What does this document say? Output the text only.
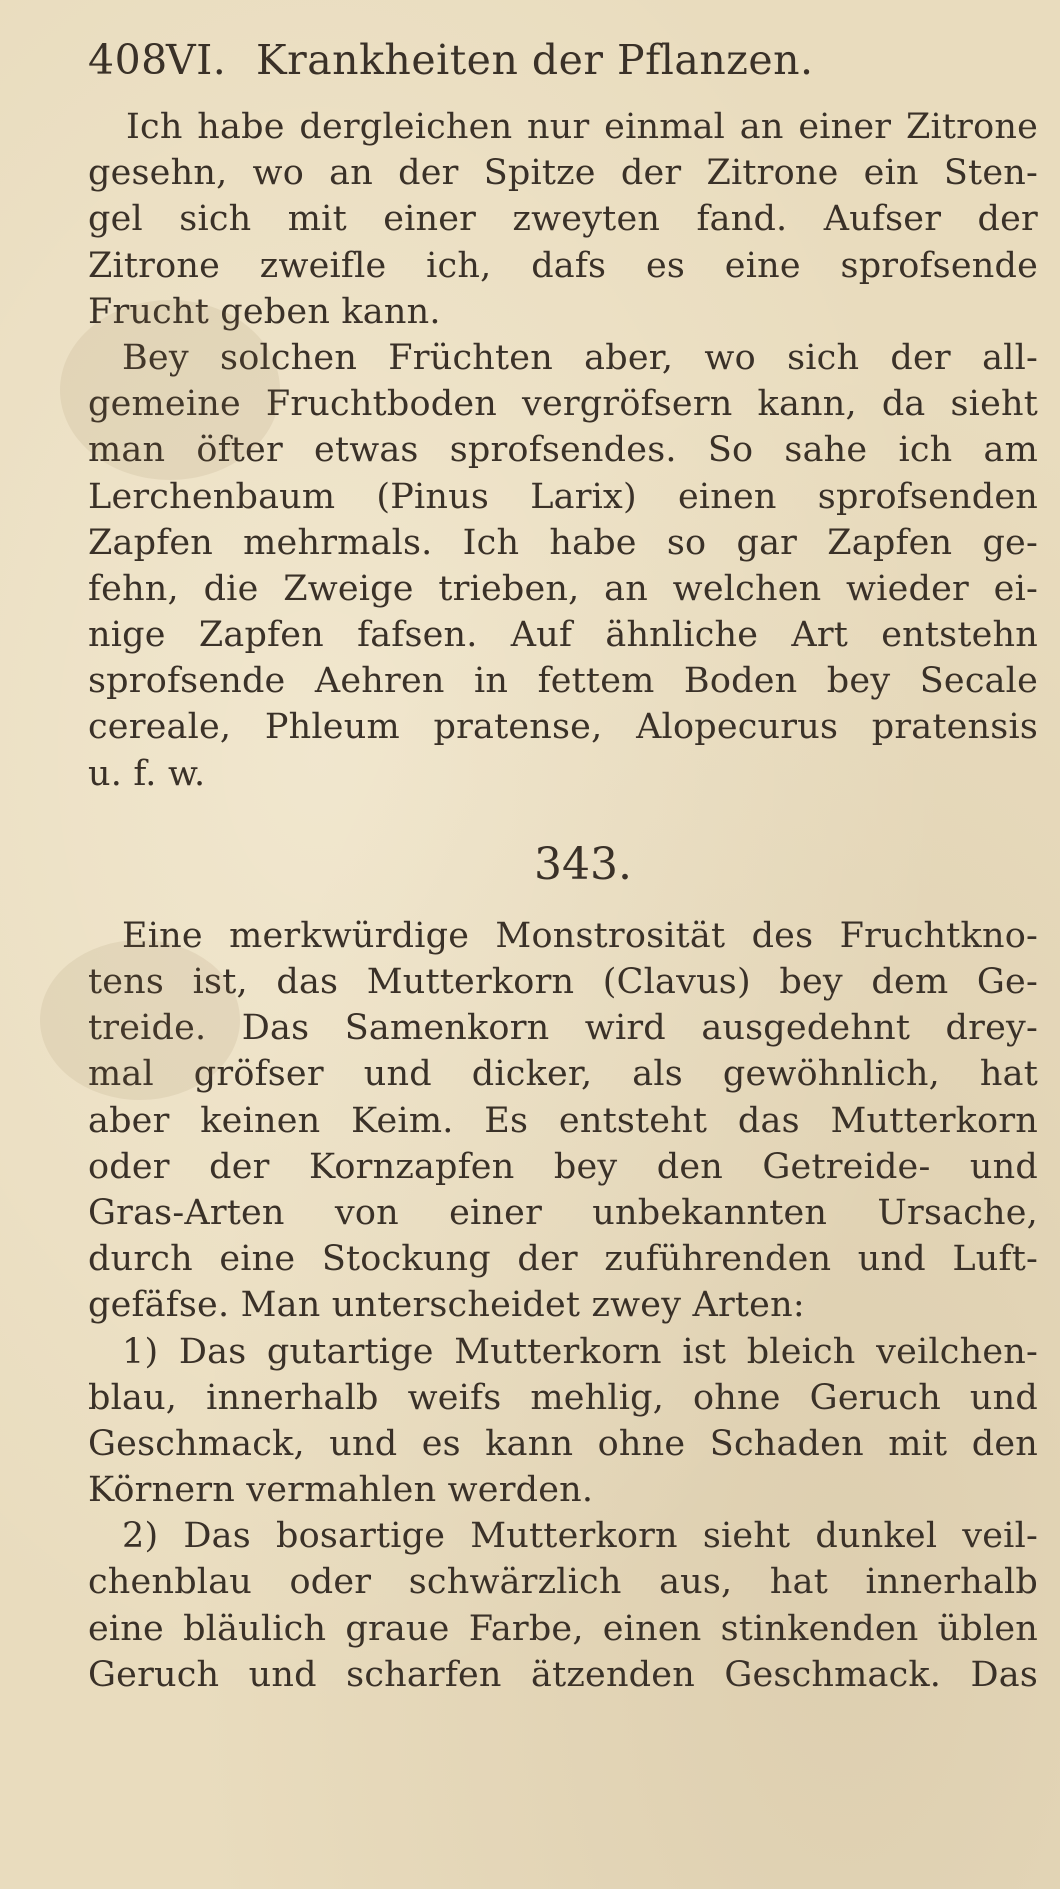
408
VI. Krankheiten der Pflanzen.
Ich habe dergleichen nur einmal an einer Zitrone
gesehn, wo an der Spitze der Zitrone ein Sten-
gel sich mit einer zweyten fand. Aufser der
Zitrone zweifle ich, dafs es eine sprofsende
Frucht geben kann.
Bey solchen Früchten aber, wo sich der all-
gemeine Fruchtboden vergröfsern kann, da sieht
man öfter etwas sprofsendes. So sahe ich am
Lerchenbaum (Pinus Larix) einen sprofsenden
Zapfen mehrmals. Ich habe so gar Zapfen ge-
fehn, die Zweige trieben, an welchen wieder ei-
nige Zapfen fafsen. Auf ähnliche Art entstehn
sprofsende Aehren in fettem Boden bey Secale
cereale, Phleum pratense, Alopecurus pratensis
u. f. w.
343.
Eine merkwürdige Monstrosität des Fruchtkno-
tens ist, das Mutterkorn (Clavus) bey dem Ge-
treide. Das Samenkorn wird ausgedehnt drey-
mal gröfser und dicker, als gewöhnlich, hat
aber keinen Keim. Es entsteht das Mutterkorn
oder der Kornzapfen bey den Getreide- und
Gras-Arten von einer unbekannten Ursache,
durch eine Stockung der zuführenden und Luft-
gefäfse. Man unterscheidet zwey Arten:
1) Das gutartige Mutterkorn ist bleich veilchen-
blau, innerhalb weifs mehlig, ohne Geruch und
Geschmack, und es kann ohne Schaden mit den
Körnern vermahlen werden.
2) Das bosartige Mutterkorn sieht dunkel veil-
chenblau oder schwärzlich aus, hat innerhalb
eine bläulich graue Farbe, einen stinkenden üblen
Geruch und scharfen ätzenden Geschmack. Das
